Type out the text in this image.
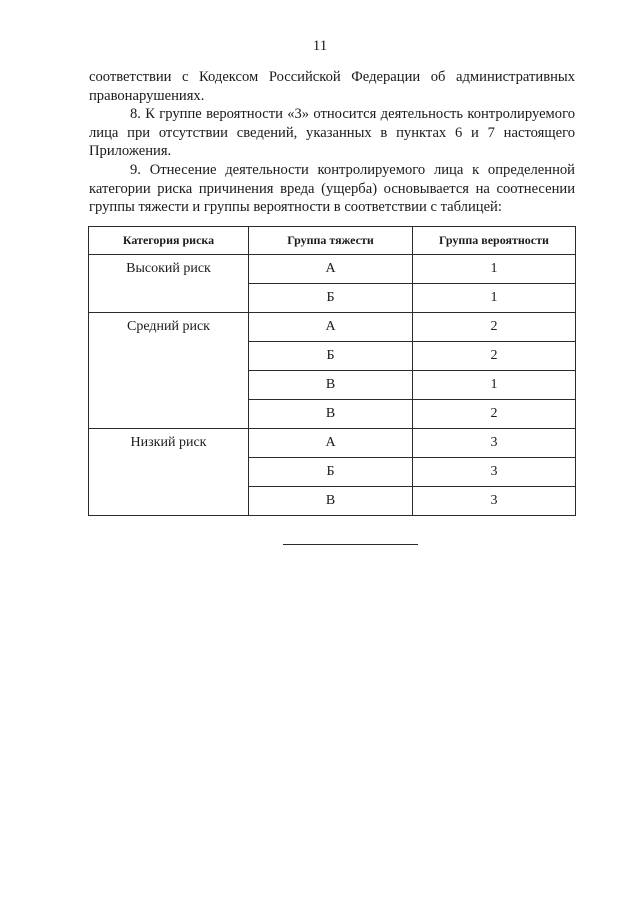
11

соответствии с Кодексом Российской Федерации об административных правонарушениях.

8. К группе вероятности «3» относится деятельность контролируемого лица при отсутствии сведений, указанных в пунктах 6 и 7 настоящего Приложения.

9. Отнесение деятельности контролируемого лица к определенной категории риска причинения вреда (ущерба) основывается на соотнесении группы тяжести и группы вероятности в соответствии с таблицей:

Категория риска	Группа тяжести	Группа вероятности
Высокий риск	А	1
	Б	1
Средний риск	А	2
	Б	2
	В	1
	В	2
Низкий риск	А	3
	Б	3
	В	3
